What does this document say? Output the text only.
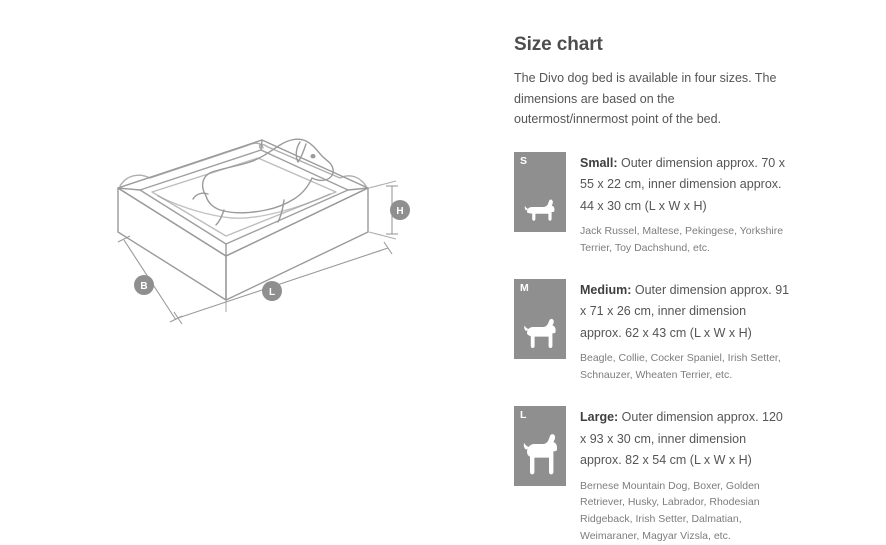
H
B
L
Size chart

The Divo dog bed is available in four sizes. The dimensions are based on the outermost/innermost point of the bed.

S	Small: Outer dimension approx. 70 x 55 x 22 cm, inner dimension approx. 44 x 30 cm (L x W x H)

Jack Russel, Maltese, Pekingese, Yorkshire Terrier, Toy Dachshund, etc.

M	Medium: Outer dimension approx. 91 x 71 x 26 cm, inner dimension approx. 62 x 43 cm (L x W x H)

Beagle, Collie, Cocker Spaniel, Irish Setter, Schnauzer, Wheaten Terrier, etc.

L	Large: Outer dimension approx. 120 x 93 x 30 cm, inner dimension approx. 82 x 54 cm (L x W x H)

Bernese Mountain Dog, Boxer, Golden Retriever, Husky, Labrador, Rhodesian Ridgeback, Irish Setter, Dalmatian, Weimaraner, Magyar Vizsla, etc.
